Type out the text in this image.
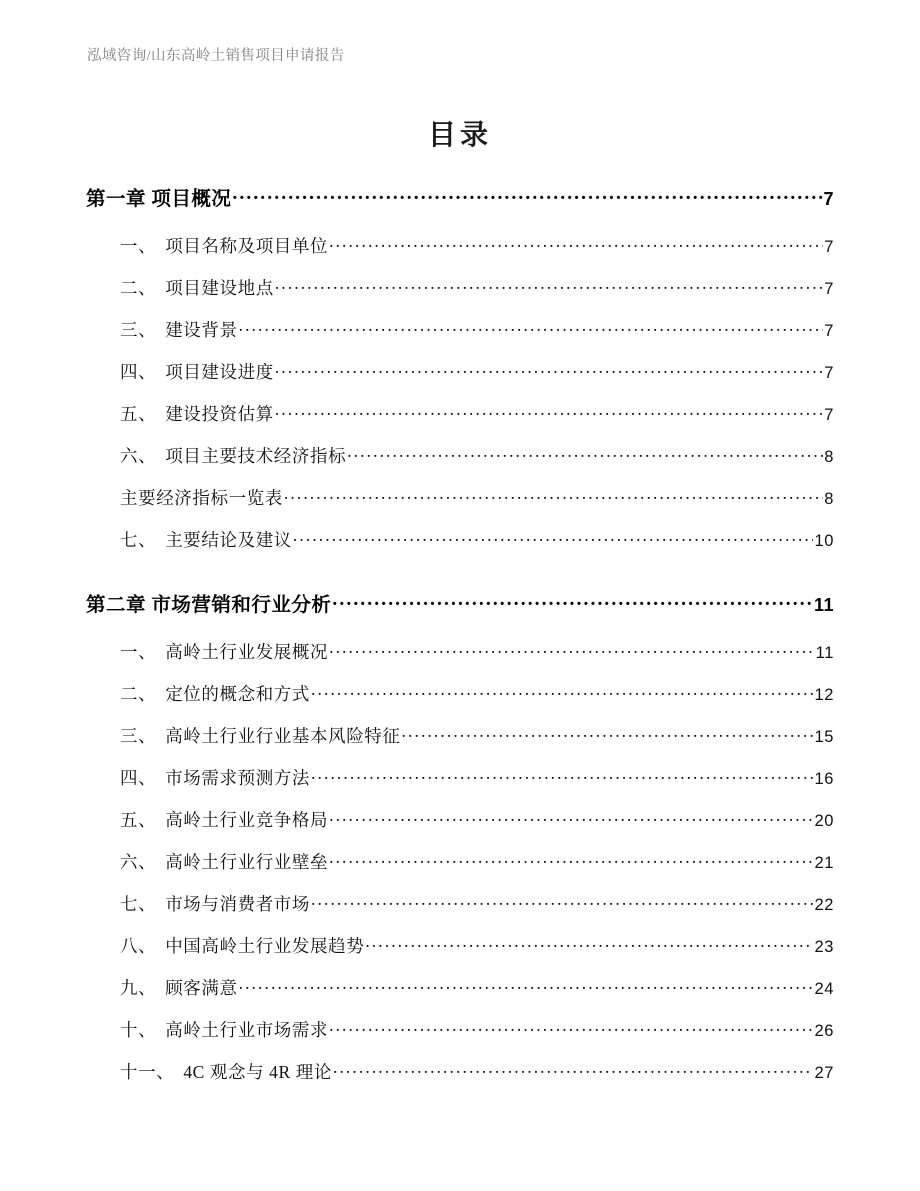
泓域咨询/山东高岭土销售项目申请报告
目录
第一章 项目概况 .....	7
一、 项目名称及项目单位 .....	7
二、 项目建设地点 .....	7
三、 建设背景 .....	7
四、 项目建设进度 .....	7
五、 建设投资估算 .....	7
六、 项目主要技术经济指标 .....	8
主要经济指标一览表 .....	8
七、 主要结论及建议 .....	10
第二章 市场营销和行业分析 .....	11
一、 高岭土行业发展概况 .....	11
二、 定位的概念和方式 .....	12
三、 高岭土行业行业基本风险特征 .....	15
四、 市场需求预测方法 .....	16
五、 高岭土行业竞争格局 .....	20
六、 高岭土行业行业壁垒 .....	21
七、 市场与消费者市场 .....	22
八、 中国高岭土行业发展趋势 .....	23
九、 顾客满意 .....	24
十、 高岭土行业市场需求 .....	26
十一、 4C 观念与 4R 理论 .....	27
